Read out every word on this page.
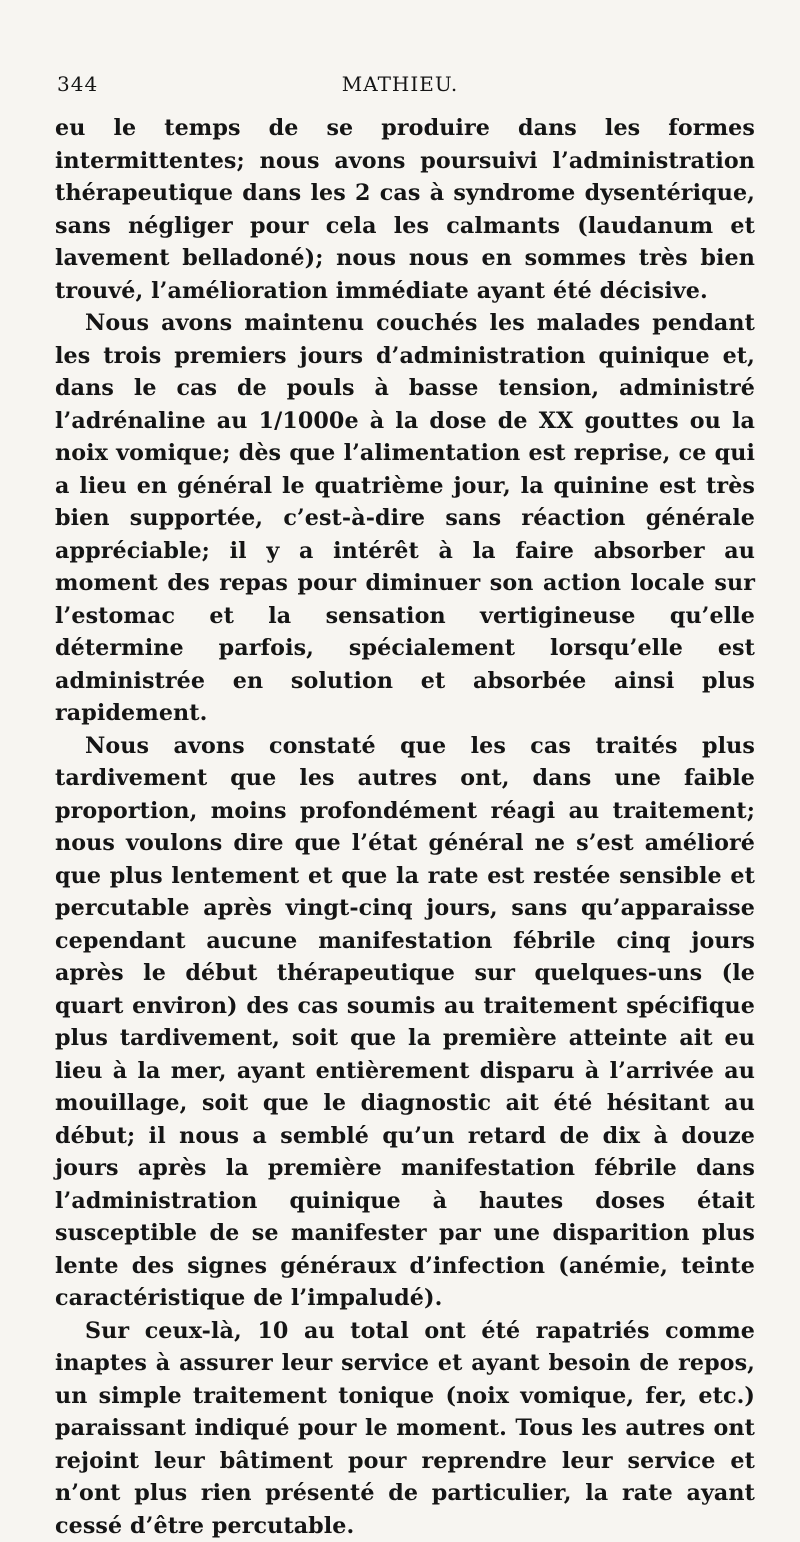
344	MATHIEU.

eu le temps de se produire dans les formes intermittentes; nous avons poursuivi l’administration thérapeutique dans les 2 cas à syndrome dysentérique, sans négliger pour cela les calmants (laudanum et lavement belladoné); nous nous en sommes très bien trouvé, l’amélioration immédiate ayant été décisive.

Nous avons maintenu couchés les malades pendant les trois premiers jours d’administration quinique et, dans le cas de pouls à basse tension, administré l’adrénaline au 1/1000e à la dose de XX gouttes ou la noix vomique; dès que l’alimentation est reprise, ce qui a lieu en général le quatrième jour, la quinine est très bien supportée, c’est-à-dire sans réaction générale appréciable; il y a intérêt à la faire absorber au moment des repas pour diminuer son action locale sur l’estomac et la sensation vertigineuse qu’elle détermine parfois, spécialement lorsqu’elle est administrée en solution et absorbée ainsi plus rapidement.

Nous avons constaté que les cas traités plus tardivement que les autres ont, dans une faible proportion, moins profondément réagi au traitement; nous voulons dire que l’état général ne s’est amélioré que plus lentement et que la rate est restée sensible et percutable après vingt-cinq jours, sans qu’apparaisse cependant aucune manifestation fébrile cinq jours après le début thérapeutique sur quelques-uns (le quart environ) des cas soumis au traitement spécifique plus tardivement, soit que la première atteinte ait eu lieu à la mer, ayant entièrement disparu à l’arrivée au mouillage, soit que le diagnostic ait été hésitant au début; il nous a semblé qu’un retard de dix à douze jours après la première manifestation fébrile dans l’administration quinique à hautes doses était susceptible de se manifester par une disparition plus lente des signes généraux d’infection (anémie, teinte caractéristique de l’impaludé).

Sur ceux-là, 10 au total ont été rapatriés comme inaptes à assurer leur service et ayant besoin de repos, un simple traitement tonique (noix vomique, fer, etc.) paraissant indiqué pour le moment. Tous les autres ont rejoint leur bâtiment pour reprendre leur service et n’ont plus rien présenté de particulier, la rate ayant cessé d’être percutable.
